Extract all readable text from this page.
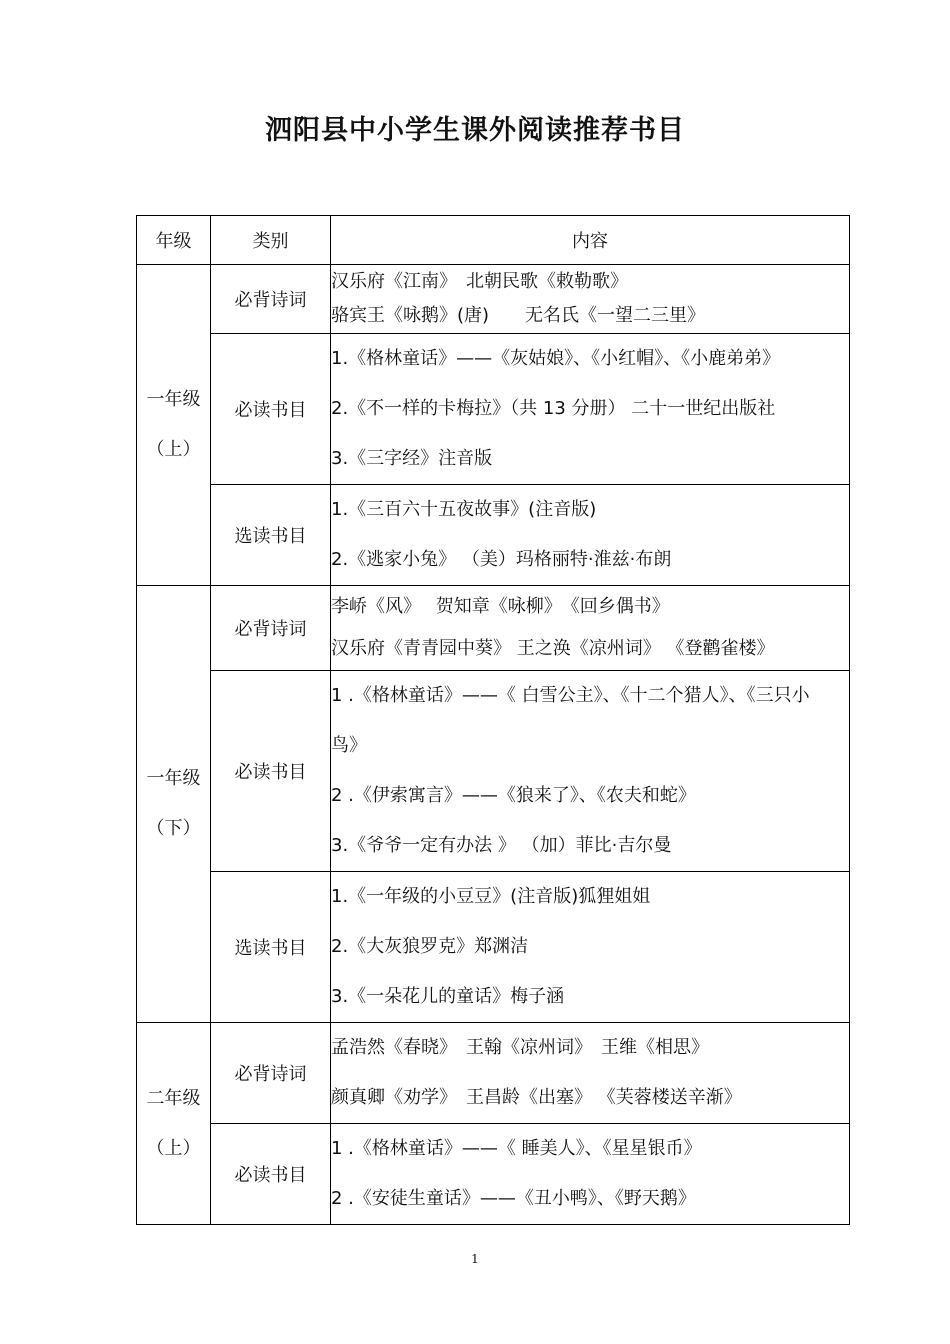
泗阳县中小学生课外阅读推荐书目
年级	类别	内容

一年级
（上）	必背诗词	汉乐府《江南》　北朝民歌《敕勒歌》
骆宾王《咏鹅》(唐)　　无名氏《一望二三里》

	必读书目	1.《格林童话》——《灰姑娘》、《小红帽》、《小鹿弟弟》
2.《不一样的卡梅拉》（共 13 分册） 二十一世纪出版社
3.《三字经》注音版

	选读书目	1.《三百六十五夜故事》(注音版)
2.《逃家小兔》 （美）玛格丽特·淮兹·布朗

一年级
（下）	必背诗词	李峤《风》　 贺知章《咏柳》　《回乡偶书》
汉乐府《青青园中葵》 王之涣《凉州词》 《登鹳雀楼》

	必读书目	1 .《格林童话》——《 白雪公主》、《十二个猎人》、《三只小
鸟》
2 .《伊索寓言》——《狼来了》、《农夫和蛇》
3.《爷爷一定有办法 》 （加）菲比·吉尔曼

	选读书目	1.《一年级的小豆豆》(注音版)狐狸姐姐
2.《大灰狼罗克》郑渊洁
3.《一朵花儿的童话》梅子涵

二年级
（上）	必背诗词	孟浩然《春晓》　王翰《凉州词》　王维《相思》
颜真卿《劝学》　王昌龄《出塞》 《芙蓉楼送辛渐》

	必读书目	1 .《格林童话》——《 睡美人》、《星星银币》
2 .《安徒生童话》——《丑小鸭》、《野天鹅》
1
